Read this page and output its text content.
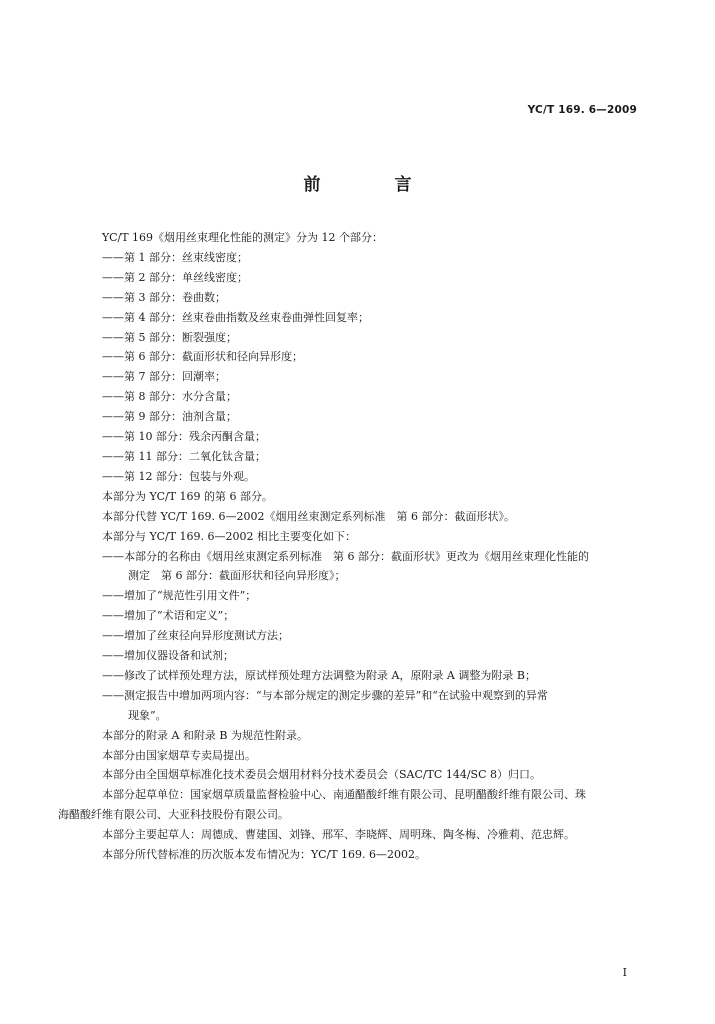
YC/T 169. 6—2009
前 言

YC/T 169《烟用丝束理化性能的测定》分为 12 个部分：

——第 1 部分：丝束线密度；

——第 2 部分：单丝线密度；

——第 3 部分：卷曲数；

——第 4 部分：丝束卷曲指数及丝束卷曲弹性回复率；

——第 5 部分：断裂强度；

——第 6 部分：截面形状和径向异形度；

——第 7 部分：回潮率；

——第 8 部分：水分含量；

——第 9 部分：油剂含量；

——第 10 部分：残余丙酮含量；

——第 11 部分：二氧化钛含量；

——第 12 部分：包装与外观。

本部分为 YC/T 169 的第 6 部分。

本部分代替 YC/T 169. 6—2002《烟用丝束测定系列标准　第 6 部分：截面形状》。

本部分与 YC/T 169. 6—2002 相比主要变化如下：

——本部分的名称由《烟用丝束测定系列标准　第 6 部分：截面形状》更改为《烟用丝束理化性能的

测定　第 6 部分：截面形状和径向异形度》；

——增加了“规范性引用文件”；

——增加了“术语和定义”；

——增加了丝束径向异形度测试方法；

——增加仪器设备和试剂；

——修改了试样预处理方法，原试样预处理方法调整为附录 A，原附录 A 调整为附录 B；

——测定报告中增加两项内容：“与本部分规定的测定步骤的差异”和“在试验中观察到的异常

现象”。

本部分的附录 A 和附录 B 为规范性附录。

本部分由国家烟草专卖局提出。

本部分由全国烟草标准化技术委员会烟用材料分技术委员会（SAC/TC 144/SC 8）归口。

本部分起草单位：国家烟草质量监督检验中心、南通醋酸纤维有限公司、昆明醋酸纤维有限公司、珠

海醋酸纤维有限公司、大亚科技股份有限公司。

本部分主要起草人：周德成、曹建国、刘锋、邢军、李晓辉、周明珠、陶冬梅、冷雅莉、范忠辉。

本部分所代替标准的历次版本发布情况为：YC/T 169. 6—2002。

I
